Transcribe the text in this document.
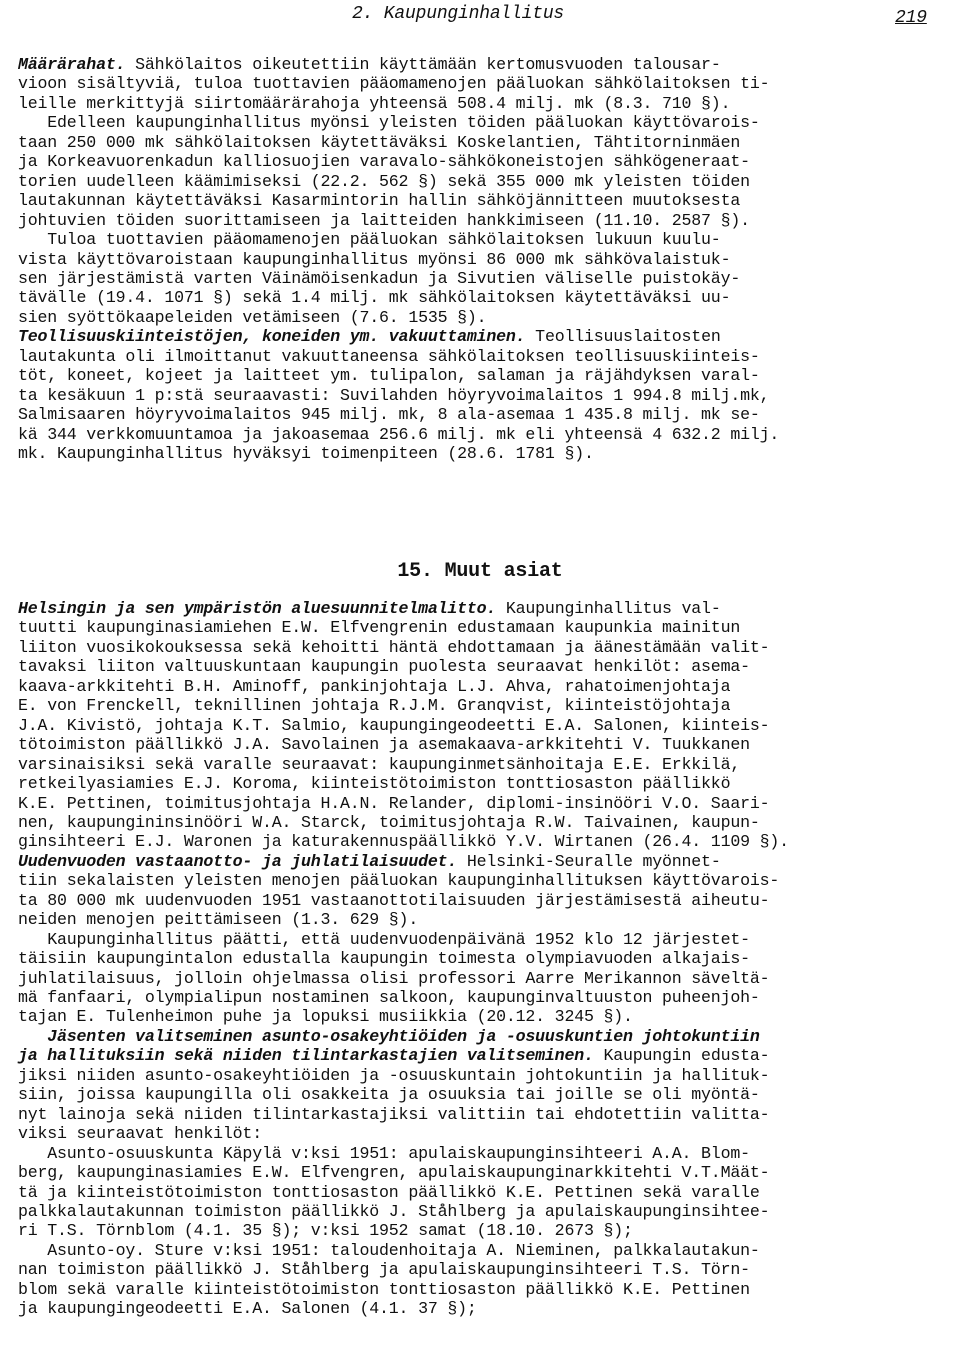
2. Kaupunginhallitus	219
Määrärahat. Sähkölaitos oikeutettiin käyttämään kertomusvuoden talousar-
vioon sisältyviä, tuloa tuottavien pääomamenojen pääluokan sähkölaitoksen ti-
leille merkittyjä siirtomäärärahoja yhteensä 508.4 milj. mk (8.3. 710 §).
Edelleen kaupunginhallitus myönsi yleisten töiden pääluokan käyttövarois-
taan 250 000 mk sähkölaitoksen käytettäväksi Koskelantien, Tähtitorninmäen
ja Korkeavuorenkadun kalliosuojien varavalo-sähkökoneistojen sähkögeneraat-
torien uudelleen käämimiseksi (22.2. 562 §) sekä 355 000 mk yleisten töiden
lautakunnan käytettäväksi Kasarmintorin hallin sähköjännitteen muutoksesta
johtuvien töiden suorittamiseen ja laitteiden hankkimiseen (11.10. 2587 §).
Tuloa tuottavien pääomamenojen pääluokan sähkölaitoksen lukuun kuulu-
vista käyttövaroistaan kaupunginhallitus myönsi 86 000 mk sähkövalaistuk-
sen järjestämistä varten Väinämöisenkadun ja Sivutien väliselle puistokäy-
tävälle (19.4. 1071 §) sekä 1.4 milj. mk sähkölaitoksen käytettäväksi uu-
sien syöttökaapeleiden vetämiseen (7.6. 1535 §).
Teollisuuskiinteistöjen, koneiden ym. vakuuttaminen. Teollisuuslaitosten
lautakunta oli ilmoittanut vakuuttaneensa sähkölaitoksen teollisuuskiinteis-
töt, koneet, kojeet ja laitteet ym. tulipalon, salaman ja räjähdyksen varal-
ta kesäkuun 1 p:stä seuraavasti: Suvilahden höyryvoimalaitos 1 994.8 milj.mk,
Salmisaaren höyryvoimalaitos 945 milj. mk, 8 ala-asemaa 1 435.8 milj. mk se-
kä 344 verkkomuuntamoa ja jakoasemaa 256.6 milj. mk eli yhteensä 4 632.2 milj.
mk. Kaupunginhallitus hyväksyi toimenpiteen (28.6. 1781 §).
15. Muut asiat
Helsingin ja sen ympäristön aluesuunnitelmalitto. Kaupunginhallitus val-
tuutti kaupunginasiamiehen E.W. Elfvengrenin edustamaan kaupunkia mainitun
liiton vuosikokouksessa sekä kehoitti häntä ehdottamaan ja äänestämään valit-
tavaksi liiton valtuuskuntaan kaupungin puolesta seuraavat henkilöt: asema-
kaava-arkkitehti B.H. Aminoff, pankinjohtaja L.J. Ahva, rahatoimenjohtaja
E. von Frenckell, teknillinen johtaja R.J.M. Granqvist, kiinteistöjohtaja
J.A. Kivistö, johtaja K.T. Salmio, kaupungingeodeetti E.A. Salonen, kiinteis-
tötoimiston päällikkö J.A. Savolainen ja asemakaava-arkkitehti V. Tuukkanen
varsinaisiksi sekä varalle seuraavat: kaupunginmetsänhoitaja E.E. Erkkilä,
retkeilyasiamies E.J. Koroma, kiinteistötoimiston tonttiosaston päällikkö
K.E. Pettinen, toimitusjohtaja H.A.N. Relander, diplomi-insinööri V.O. Saari-
nen, kaupungininsinööri W.A. Starck, toimitusjohtaja R.W. Taivainen, kaupun-
ginsihteeri E.J. Waronen ja katurakennuspäällikkö Y.V. Wirtanen (26.4. 1109 §).
Uudenvuoden vastaanotto- ja juhlatilaisuudet. Helsinki-Seuralle myönnet-
tiin sekalaisten yleisten menojen pääluokan kaupunginhallituksen käyttövarois-
ta 80 000 mk uudenvuoden 1951 vastaanottotilaisuuden järjestämisestä aiheutu-
neiden menojen peittämiseen (1.3. 629 §).
Kaupunginhallitus päätti, että uudenvuodenpäivänä 1952 klo 12 järjestet-
täisiin kaupungintalon edustalla kaupungin toimesta olympiavuoden alkajais-
juhlatilaisuus, jolloin ohjelmassa olisi professori Aarre Merikannon säveltä-
mä fanfaari, olympialipun nostaminen salkoon, kaupunginvaltuuston puheenjoh-
tajan E. Tulenheimon puhe ja lopuksi musiikkia (20.12. 3245 §).
Jäsenten valitseminen asunto-osakeyhtiöiden ja -osuuskuntien johtokuntiin
ja hallituksiin sekä niiden tilintarkastajien valitseminen. Kaupungin edusta-
jiksi niiden asunto-osakeyhtiöiden ja -osuuskuntain johtokuntiin ja hallituk-
siin, joissa kaupungilla oli osakkeita ja osuuksia tai joille se oli myöntä-
nyt lainoja sekä niiden tilintarkastajiksi valittiin tai ehdotettiin valitta-
viksi seuraavat henkilöt:
Asunto-osuuskunta Käpylä v:ksi 1951: apulaiskaupunginsihteeri A.A. Blom-
berg, kaupunginasiamies E.W. Elfvengren, apulaiskaupunginarkkitehti V.T.Määt-
tä ja kiinteistötoimiston tonttiosaston päällikkö K.E. Pettinen sekä varalle
palkkalautakunnan toimiston päällikkö J. Ståhlberg ja apulaiskaupunginsihtee-
ri T.S. Törnblom (4.1. 35 §); v:ksi 1952 samat (18.10. 2673 §);
Asunto-oy. Sture v:ksi 1951: taloudenhoitaja A. Nieminen, palkkalautakun-
nan toimiston päällikkö J. Ståhlberg ja apulaiskaupunginsihteeri T.S. Törn-
blom sekä varalle kiinteistötoimiston tonttiosaston päällikkö K.E. Pettinen
ja kaupungingeodeetti E.A. Salonen (4.1. 37 §);
